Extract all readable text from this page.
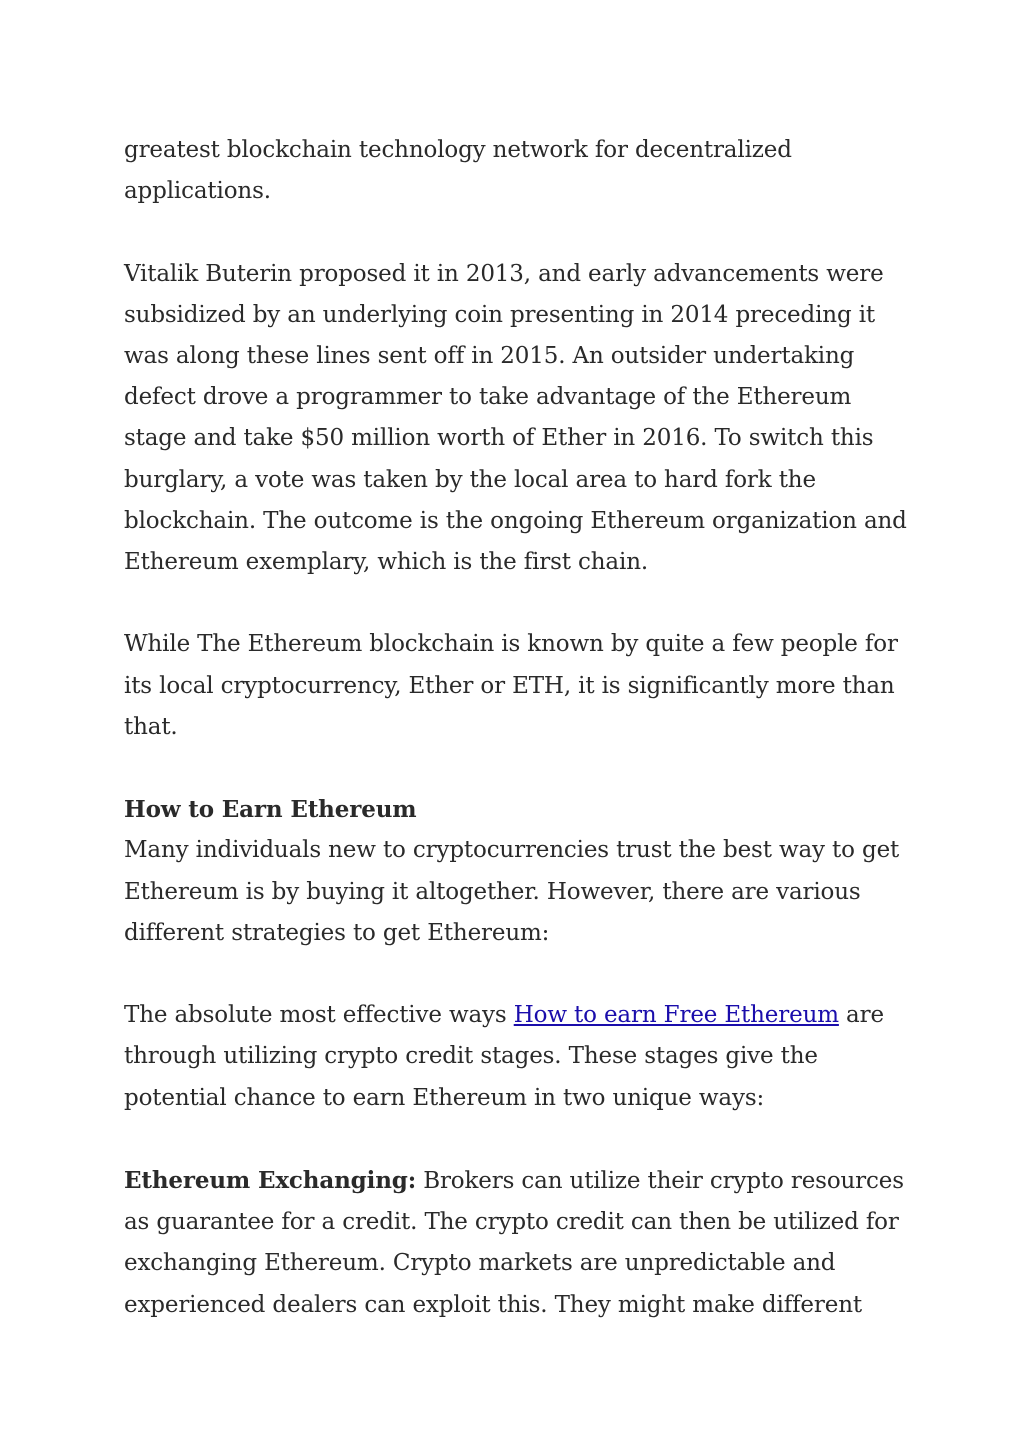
greatest blockchain technology network for decentralized applications.

Vitalik Buterin proposed it in 2013, and early advancements were subsidized by an underlying coin presenting in 2014 preceding it was along these lines sent off in 2015. An outsider undertaking defect drove a programmer to take advantage of the Ethereum stage and take $50 million worth of Ether in 2016. To switch this burglary, a vote was taken by the local area to hard fork the blockchain. The outcome is the ongoing Ethereum organization and Ethereum exemplary, which is the first chain.

While The Ethereum blockchain is known by quite a few people for its local cryptocurrency, Ether or ETH, it is significantly more than that.

How to Earn Ethereum

Many individuals new to cryptocurrencies trust the best way to get Ethereum is by buying it altogether. However, there are various different strategies to get Ethereum:

The absolute most effective ways How to earn Free Ethereum are through utilizing crypto credit stages. These stages give the potential chance to earn Ethereum in two unique ways:

Ethereum Exchanging: Brokers can utilize their crypto resources as guarantee for a credit. The crypto credit can then be utilized for exchanging Ethereum. Crypto markets are unpredictable and experienced dealers can exploit this. They might make different
